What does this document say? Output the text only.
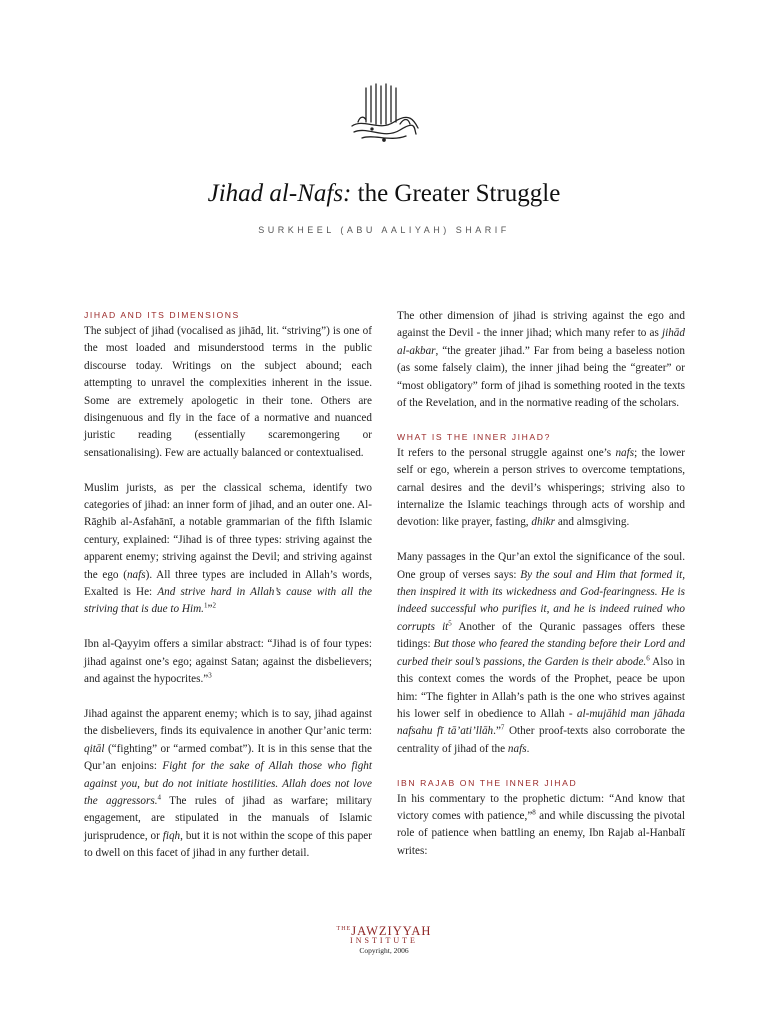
Jihad al-Nafs: the Greater Struggle
SURKHEEL (ABU AALIYAH) SHARIF
JIHAD AND ITS DIMENSIONS
The subject of jihad (vocalised as jihād, lit. “striving”) is one of the most loaded and misunderstood terms in the public discourse today. Writings on the subject abound; each attempting to unravel the complexities inherent in the issue. Some are extremely apologetic in their tone. Others are disingenuous and fly in the face of a normative and nuanced juristic reading (essentially scaremongering or sensationalising). Few are actually balanced or contextualised.
Muslim jurists, as per the classical schema, identify two categories of jihad: an inner form of jihad, and an outer one. Al-Rāghib al-Asfahānī, a notable grammarian of the fifth Islamic century, explained: “Jihad is of three types: striving against the apparent enemy; striving against the Devil; and striving against the ego (nafs). All three types are included in Allah’s words, Exalted is He: And strive hard in Allah’s cause with all the striving that is due to Him.$^1$”$^2$
Ibn al-Qayyim offers a similar abstract: “Jihad is of four types: jihad against one’s ego; against Satan; against the disbelievers; and against the hypocrites.”$^3$
Jihad against the apparent enemy; which is to say, jihad against the disbelievers, finds its equivalence in another Qur’anic term: qitāl (“fighting” or “armed combat”). It is in this sense that the Qur’an enjoins: Fight for the sake of Allah those who fight against you, but do not initiate hostilities. Allah does not love the aggressors.$^4$ The rules of jihad as warfare; military engagement, are stipulated in the manuals of Islamic jurisprudence, or fiqh, but it is not within the scope of this paper to dwell on this facet of jihad in any further detail.
The other dimension of jihad is striving against the ego and against the Devil - the inner jihad; which many refer to as jihād al-akbar, “the greater jihad.” Far from being a baseless notion (as some falsely claim), the inner jihad being the “greater” or “most obligatory” form of jihad is something rooted in the texts of the Revelation, and in the normative reading of the scholars.
WHAT IS THE INNER JIHAD?
It refers to the personal struggle against one’s nafs; the lower self or ego, wherein a person strives to overcome temptations, carnal desires and the devil’s whisperings; striving also to internalize the Islamic teachings through acts of worship and devotion: like prayer, fasting, dhikr and almsgiving.
Many passages in the Qur’an extol the significance of the soul. One group of verses says: By the soul and Him that formed it, then inspired it with its wickedness and God-fearingness. He is indeed successful who purifies it, and he is indeed ruined who corrupts $it^5$ Another of the Quranic passages offers these tidings: But those who feared the standing before their Lord and curbed their soul’s passions, the Garden is their abode.$^6$ Also in this context comes the words of the Prophet, peace be upon him: “The fighter in Allah’s path is the one who strives against his lower self in obedience to Allah - al-mujāhid man jāhada nafsahu fī tā’ati’llāh.”$^7$ Other proof-texts also corroborate the centrality of jihad of the nafs.
IBN RAJAB ON THE INNER JIHAD
In his commentary to the prophetic dictum: “And know that victory comes with patience,”$^8$ and while discussing the pivotal role of patience when battling an enemy, Ibn Rajab al-Hanbalī writes:
$^{THE}$JAWZIYYAH
INSTITUTE
Copyright, 2006
